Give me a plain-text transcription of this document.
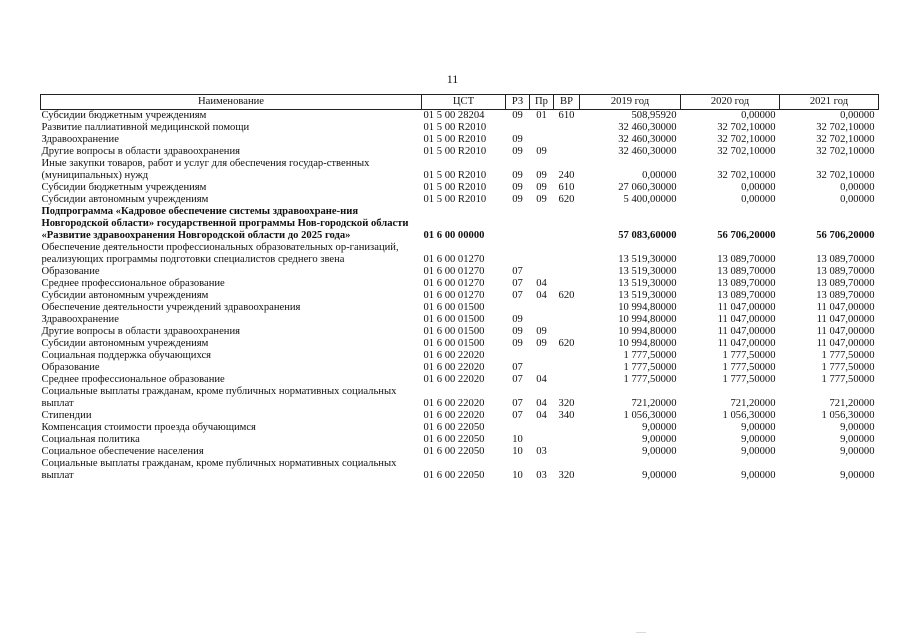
11
Наименование	ЦСТ	РЗ	Пр	ВР	2019 год	2020 год	2021 год
Субсидии бюджетным учреждениям	01 5 00 28204	09	01	610	508,95920	0,00000	0,00000
Развитие паллиативной медицинской помощи	01 5 00 R2010				32 460,30000	32 702,10000	32 702,10000
Здравоохранение	01 5 00 R2010	09			32 460,30000	32 702,10000	32 702,10000
Другие вопросы в области здравоохранения	01 5 00 R2010	09	09		32 460,30000	32 702,10000	32 702,10000
Иные закупки товаров, работ и услуг для обеспечения государ-ственных (муниципальных) нужд	01 5 00 R2010	09	09	240	0,00000	32 702,10000	32 702,10000
Субсидии бюджетным учреждениям	01 5 00 R2010	09	09	610	27 060,30000	0,00000	0,00000
Субсидии автономным учреждениям	01 5 00 R2010	09	09	620	5 400,00000	0,00000	0,00000
Подпрограмма «Кадровое обеспечение системы здравоохране-ния Новгородской области» государственной программы Нов-городской области «Развитие здравоохранения Новгородской области до 2025 года»	01 6 00 00000				57 083,60000	56 706,20000	56 706,20000
Обеспечение деятельности профессиональных образовательных ор-ганизаций, реализующих программы подготовки специалистов среднего звена	01 6 00 01270				13 519,30000	13 089,70000	13 089,70000
Образование	01 6 00 01270	07			13 519,30000	13 089,70000	13 089,70000
Среднее профессиональное образование	01 6 00 01270	07	04		13 519,30000	13 089,70000	13 089,70000
Субсидии автономным учреждениям	01 6 00 01270	07	04	620	13 519,30000	13 089,70000	13 089,70000
Обеспечение деятельности учреждений здравоохранения	01 6 00 01500				10 994,80000	11 047,00000	11 047,00000
Здравоохранение	01 6 00 01500	09			10 994,80000	11 047,00000	11 047,00000
Другие вопросы в области здравоохранения	01 6 00 01500	09	09		10 994,80000	11 047,00000	11 047,00000
Субсидии автономным учреждениям	01 6 00 01500	09	09	620	10 994,80000	11 047,00000	11 047,00000
Социальная поддержка обучающихся	01 6 00 22020				1 777,50000	1 777,50000	1 777,50000
Образование	01 6 00 22020	07			1 777,50000	1 777,50000	1 777,50000
Среднее профессиональное образование	01 6 00 22020	07	04		1 777,50000	1 777,50000	1 777,50000
Социальные выплаты гражданам, кроме публичных нормативных социальных выплат	01 6 00 22020	07	04	320	721,20000	721,20000	721,20000
Стипендии	01 6 00 22020	07	04	340	1 056,30000	1 056,30000	1 056,30000
Компенсация стоимости проезда обучающимся	01 6 00 22050				9,00000	9,00000	9,00000
Социальная политика	01 6 00 22050	10			9,00000	9,00000	9,00000
Социальное обеспечение населения	01 6 00 22050	10	03		9,00000	9,00000	9,00000
Социальные выплаты гражданам, кроме публичных нормативных социальных выплат	01 6 00 22050	10	03	320	9,00000	9,00000	9,00000
-----
